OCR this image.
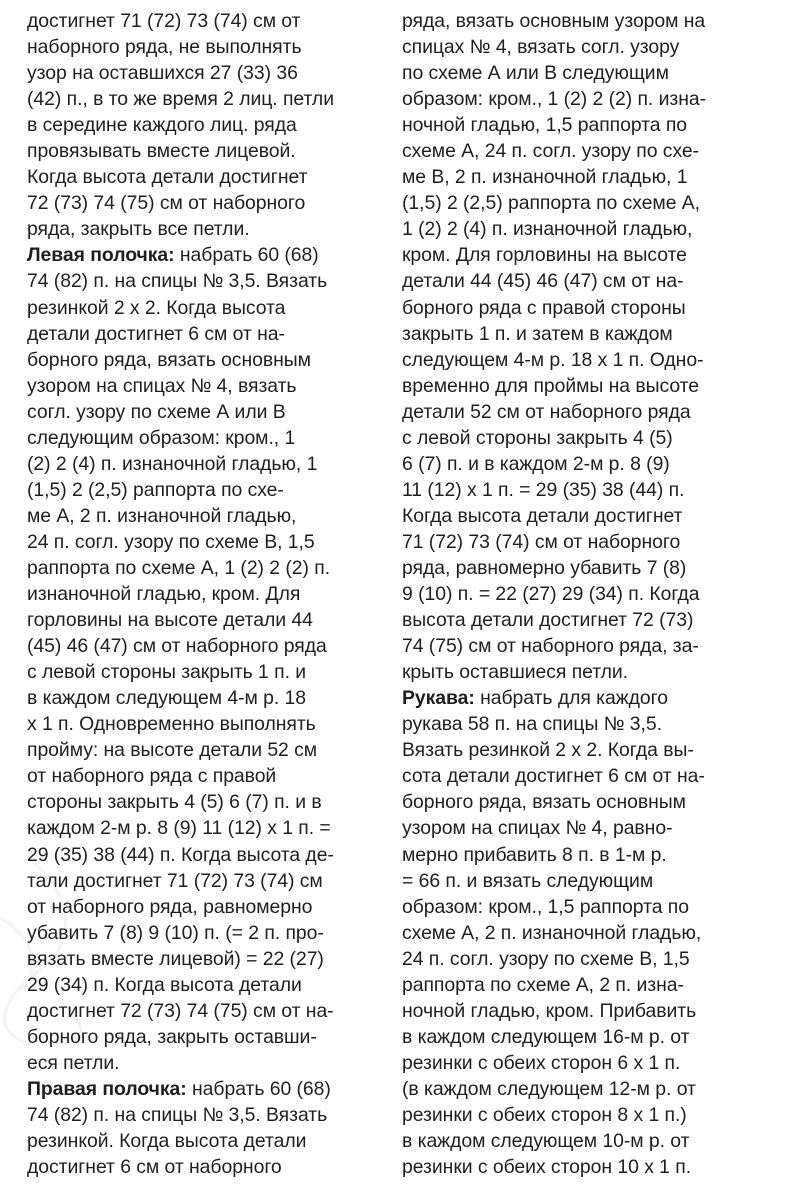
достигнет 71 (72) 73 (74) см от
наборного ряда, не выполнять
узор на оставшихся 27 (33) 36
(42) п., в то же время 2 лиц. петли
в середине каждого лиц. ряда
провязывать вместе лицевой.
Когда высота детали достигнет
72 (73) 74 (75) см от наборного
ряда, закрыть все петли.
Левая полочка: набрать 60 (68)
74 (82) п. на спицы № 3,5. Вязать
резинкой 2 х 2. Когда высота
детали достигнет 6 см от на-
борного ряда, вязать основным
узором на спицах № 4, вязать
согл. узору по схеме А или В
следующим образом: кром., 1
(2) 2 (4) п. изнаночной гладью, 1
(1,5) 2 (2,5) раппорта по схе-
ме А, 2 п. изнаночной гладью,
24 п. согл. узору по схеме В, 1,5
раппорта по схеме А, 1 (2) 2 (2) п.
изнаночной гладью, кром. Для
горловины на высоте детали 44
(45) 46 (47) см от наборного ряда
с левой стороны закрыть 1 п. и
в каждом следующем 4-м р. 18
х 1 п. Одновременно выполнять
пройму: на высоте детали 52 см
от наборного ряда с правой
стороны закрыть 4 (5) 6 (7) п. и в
каждом 2-м р. 8 (9) 11 (12) х 1 п. =
29 (35) 38 (44) п. Когда высота де-
тали достигнет 71 (72) 73 (74) см
от наборного ряда, равномерно
убавить 7 (8) 9 (10) п. (= 2 п. про-
вязать вместе лицевой) = 22 (27)
29 (34) п. Когда высота детали
достигнет 72 (73) 74 (75) см от на-
борного ряда, закрыть оставши-
еся петли.
Правая полочка: набрать 60 (68)
74 (82) п. на спицы № 3,5. Вязать
резинкой. Когда высота детали
достигнет 6 см от наборного
ряда, вязать основным узором на
спицах № 4, вязать согл. узору
по схеме А или В следующим
образом: кром., 1 (2) 2 (2) п. изна-
ночной гладью, 1,5 раппорта по
схеме А, 24 п. согл. узору по схе-
ме В, 2 п. изнаночной гладью, 1
(1,5) 2 (2,5) раппорта по схеме А,
1 (2) 2 (4) п. изнаночной гладью,
кром. Для горловины на высоте
детали 44 (45) 46 (47) см от на-
борного ряда с правой стороны
закрыть 1 п. и затем в каждом
следующем 4-м р. 18 х 1 п. Одно-
временно для проймы на высоте
детали 52 см от наборного ряда
с левой стороны закрыть 4 (5)
6 (7) п. и в каждом 2-м р. 8 (9)
11 (12) х 1 п. = 29 (35) 38 (44) п.
Когда высота детали достигнет
71 (72) 73 (74) см от наборного
ряда, равномерно убавить 7 (8)
9 (10) п. = 22 (27) 29 (34) п. Когда
высота детали достигнет 72 (73)
74 (75) см от наборного ряда, за-
крыть оставшиеся петли.
Рукава: набрать для каждого
рукава 58 п. на спицы № 3,5.
Вязать резинкой 2 х 2. Когда вы-
сота детали достигнет 6 см от на-
борного ряда, вязать основным
узором на спицах № 4, равно-
мерно прибавить 8 п. в 1-м р.
= 66 п. и вязать следующим
образом: кром., 1,5 раппорта по
схеме А, 2 п. изнаночной гладью,
24 п. согл. узору по схеме В, 1,5
раппорта по схеме А, 2 п. изна-
ночной гладью, кром. Прибавить
в каждом следующем 16-м р. от
резинки с обеих сторон 6 х 1 п.
(в каждом следующем 12-м р. от
резинки с обеих сторон 8 х 1 п.)
в каждом следующем 10-м р. от
резинки с обеих сторон 10 х 1 п.
